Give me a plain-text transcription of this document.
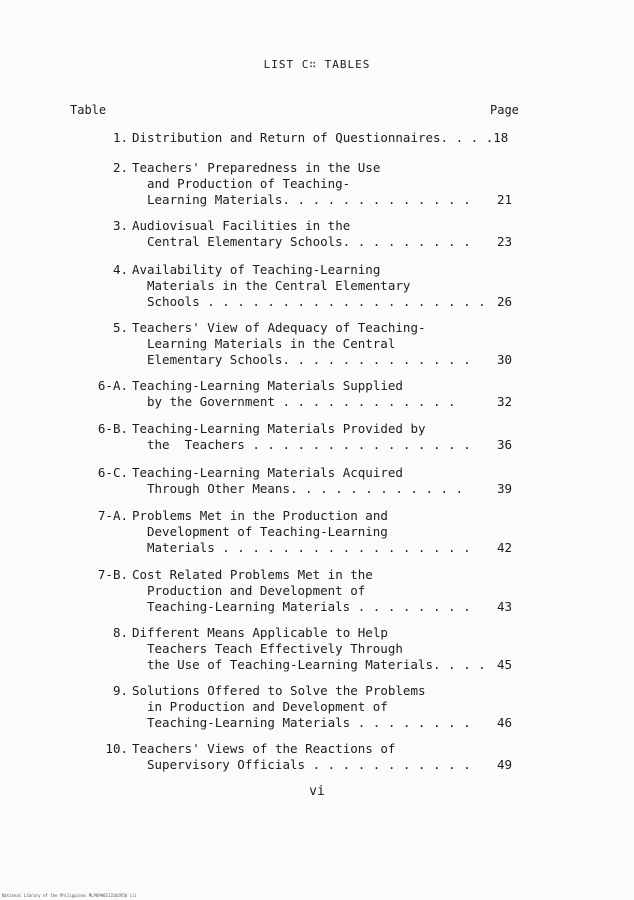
LIST C∷ TABLES
Table	Page
1. Distribution and Return of Questionnaires. . . .18
2. Teachers' Preparedness in the Use
and Production of Teaching-
Learning Materials. . . . . . . . . . . . . 21
3. Audiovisual Facilities in the
Central Elementary Schools. . . . . . . . . 23
4. Availability of Teaching-Learning
Materials in the Central Elementary
Schools . . . . . . . . . . . . . . . . . . . 26
5. Teachers' View of Adequacy of Teaching-
Learning Materials in the Central
Elementary Schools. . . . . . . . . . . . . 30
6-A. Teaching-Learning Materials Supplied
by the Government . . . . . . . . . . . .	32
6-B. Teaching-Learning Materials Provided by
the  Teachers . . . . . . . . . . . . . . . 36
6-C. Teaching-Learning Materials Acquired
Through Other Means. . . . . . . . . . . .	39
7-A. Problems Met in the Production and
Development of Teaching-Learning
Materials . . . . . . . . . . . . . . . . . 42
7-B. Cost Related Problems Met in the
Production and Development of
Teaching-Learning Materials . . . . . . . . 43
8. Different Means Applicable to Help
Teachers Teach Effectively Through
the Use of Teaching-Learning Materials. . . . 45
9. Solutions Offered to Solve the Problems
in Production and Development of
Teaching-Learning Materials . . . . . . . . 46
10. Teachers' Views of the Reactions of
Supervisory Officials . . . . . . . . . . . 49
vi
National Library of the Philippines MLP0PH0213102950 iii
